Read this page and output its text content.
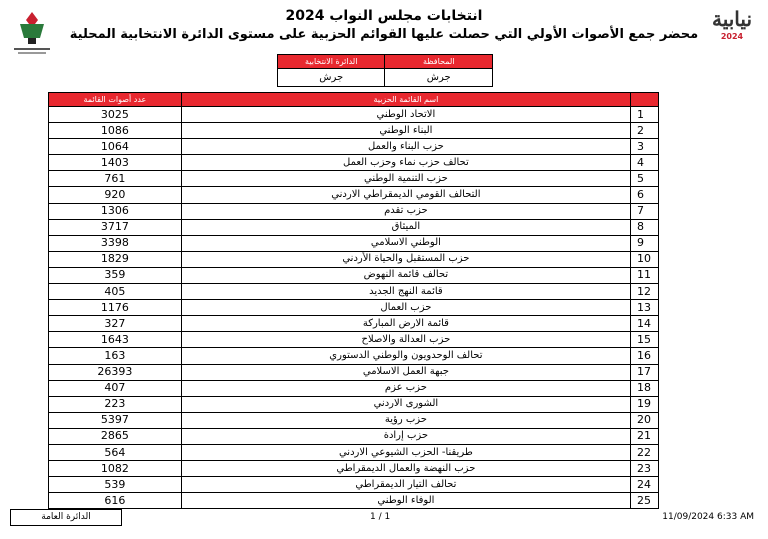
نيابية
2024
انتخابات مجلس النواب 2024
محضر جمع الأصوات الأولي التي حصلت عليها القوائم الحزبية على مستوى الدائرة الانتخابية المحلية
الدائرة الانتخابية	المحافظة
جرش	جرش
عدد أصوات القائمة	اسم القائمة الحزبية	
3025	الاتحاد الوطني	1
1086	البناء الوطني	2
1064	حزب البناء والعمل	3
1403	تحالف حزب نماء وحزب العمل	4
761	حزب التنمية الوطني	5
920	التحالف القومي الديمقراطي الاردني	6
1306	حزب تقدم	7
3717	الميثاق	8
3398	الوطني الاسلامي	9
1829	حزب المستقبل والحياة الأردني	10
359	تحالف قائمة النهوض	11
405	قائمة النهج الجديد	12
1176	حزب العمال	13
327	قائمة الارض المباركة	14
1643	حزب العدالة والاصلاح	15
163	تحالف الوحدويون والوطني الدستوري	16
26393	جبهة العمل الاسلامي	17
407	حزب عزم	18
223	الشورى الاردني	19
5397	حزب رؤية	20
2865	حزب إرادة	21
564	طريقنا- الحزب الشيوعي الاردني	22
1082	حزب النهضة والعمال الديمقراطي	23
539	تحالف التيار الديمقراطي	24
616	الوفاء الوطني	25
الدائرة العامة	1 / 1	11/09/2024 6:33 AM
